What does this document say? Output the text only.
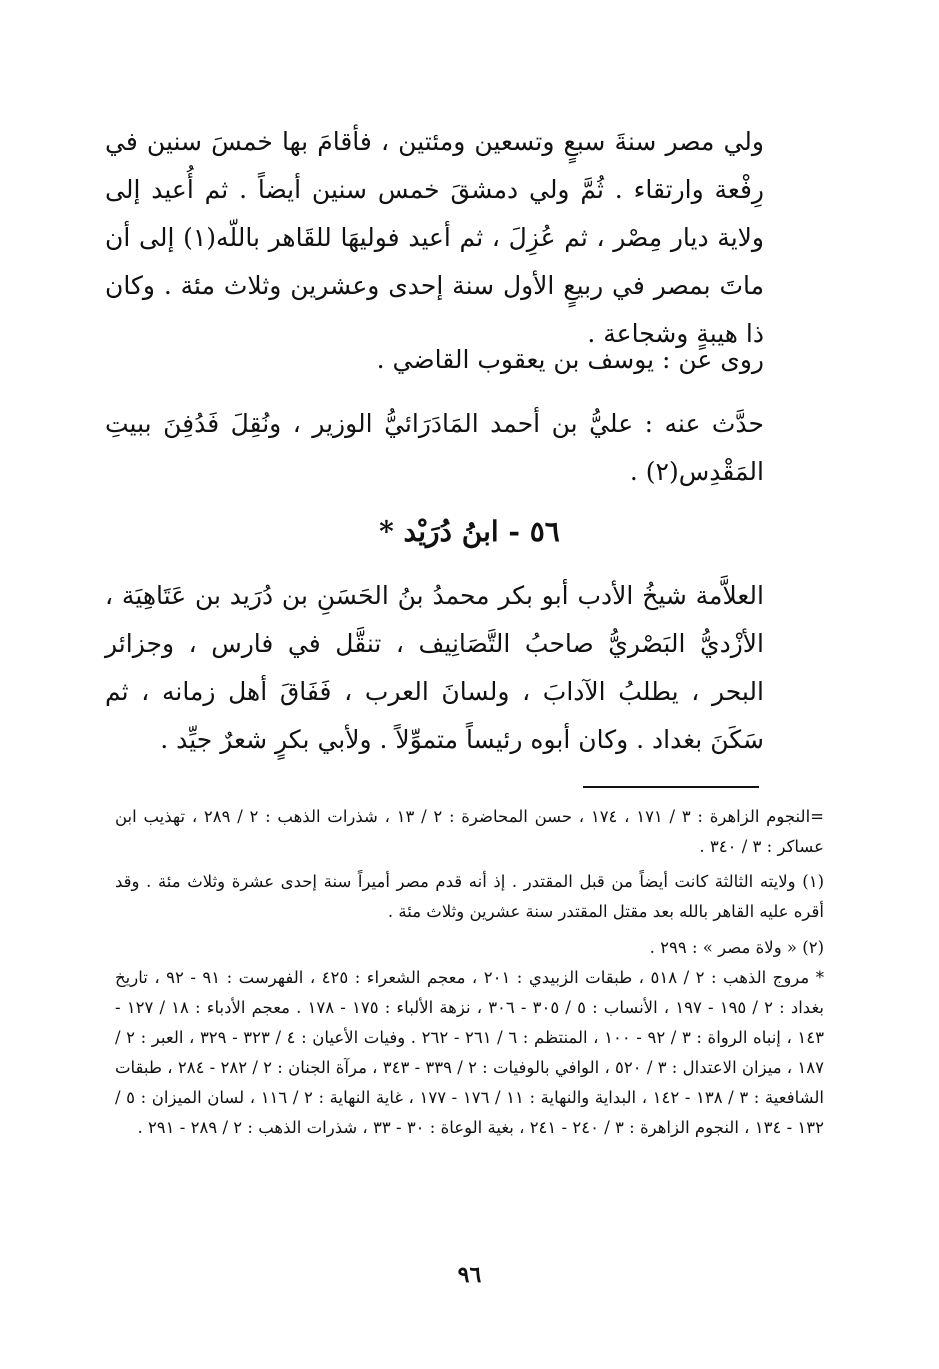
ولي مصر سنةَ سبعٍ وتسعين ومئتين ، فأقامَ بها خمسَ سنين في رِفْعة وارتقاء . ثُمَّ ولي دمشقَ خمس سنين أيضاً . ثم أُعيد إلى ولاية ديار مِصْر ، ثم عُزِلَ ، ثم أعيد فوليهَا للقَاهر باللّه(١) إلى أن ماتَ بمصر في ربيعٍ الأول سنة إحدى وعشرين وثلاث مئة . وكان ذا هيبةٍ وشجاعة .

روى عن : يوسف بن يعقوب القاضي .

حدَّث عنه : عليُّ بن أحمد المَادَرَائيُّ الوزير ، ونُقِلَ فَدُفِنَ ببيتِ المَقْدِس(٢) .

٥٦ - ابنُ دُرَيْد *

العلاَّمة شيخُ الأدب أبو بكر محمدُ بنُ الحَسَنِ بن دُرَيد بن عَتَاهِيَة ، الأزْديُّ البَصْريُّ صاحبُ التَّصَانِيف ، تنقَّل في فارس ، وجزائر البحر ، يطلبُ الآدابَ ، ولسانَ العرب ، فَفَاقَ أهل زمانه ، ثم سَكَنَ بغداد . وكان أبوه رئيساً متموِّلاً . ولأبي بكرٍ شعرٌ جيِّد .

=النجوم الزاهرة : ٣ / ١٧١ ، ١٧٤ ، حسن المحاضرة : ٢ / ١٣ ، شذرات الذهب : ٢ / ٢٨٩ ، تهذيب ابن عساكر : ٣ / ٣٤٠ .

(١) ولايته الثالثة كانت أيضاً من قبل المقتدر . إذ أنه قدم مصر أميراً سنة إحدى عشرة وثلاث مئة . وقد أقره عليه القاهر بالله بعد مقتل المقتدر سنة عشرين وثلاث مئة .

(٢) « ولاة مصر » : ٢٩٩ .

* مروج الذهب : ٢ / ٥١٨ ، طبقات الزبيدي : ٢٠١ ، معجم الشعراء : ٤٢٥ ، الفهرست : ٩١ - ٩٢ ، تاريخ بغداد : ٢ / ١٩٥ - ١٩٧ ، الأنساب : ٥ / ٣٠٥ - ٣٠٦ ، نزهة الألباء : ١٧٥ - ١٧٨ . معجم الأدباء : ١٨ / ١٢٧ - ١٤٣ ، إنباه الرواة : ٣ / ٩٢ - ١٠٠ ، المنتظم : ٦ / ٢٦١ - ٢٦٢ . وفيات الأعيان : ٤ / ٣٢٣ - ٣٢٩ ، العبر : ٢ / ١٨٧ ، ميزان الاعتدال : ٣ / ٥٢٠ ، الوافي بالوفيات : ٢ / ٣٣٩ - ٣٤٣ ، مرآة الجنان : ٢ / ٢٨٢ - ٢٨٤ ، طبقات الشافعية : ٣ / ١٣٨ - ١٤٢ ، البداية والنهاية : ١١ / ١٧٦ - ١٧٧ ، غاية النهاية : ٢ / ١١٦ ، لسان الميزان : ٥ / ١٣٢ - ١٣٤ ، النجوم الزاهرة : ٣ / ٢٤٠ - ٢٤١ ، بغية الوعاة : ٣٠ - ٣٣ ، شذرات الذهب : ٢ / ٢٨٩ - ٢٩١ .

٩٦
